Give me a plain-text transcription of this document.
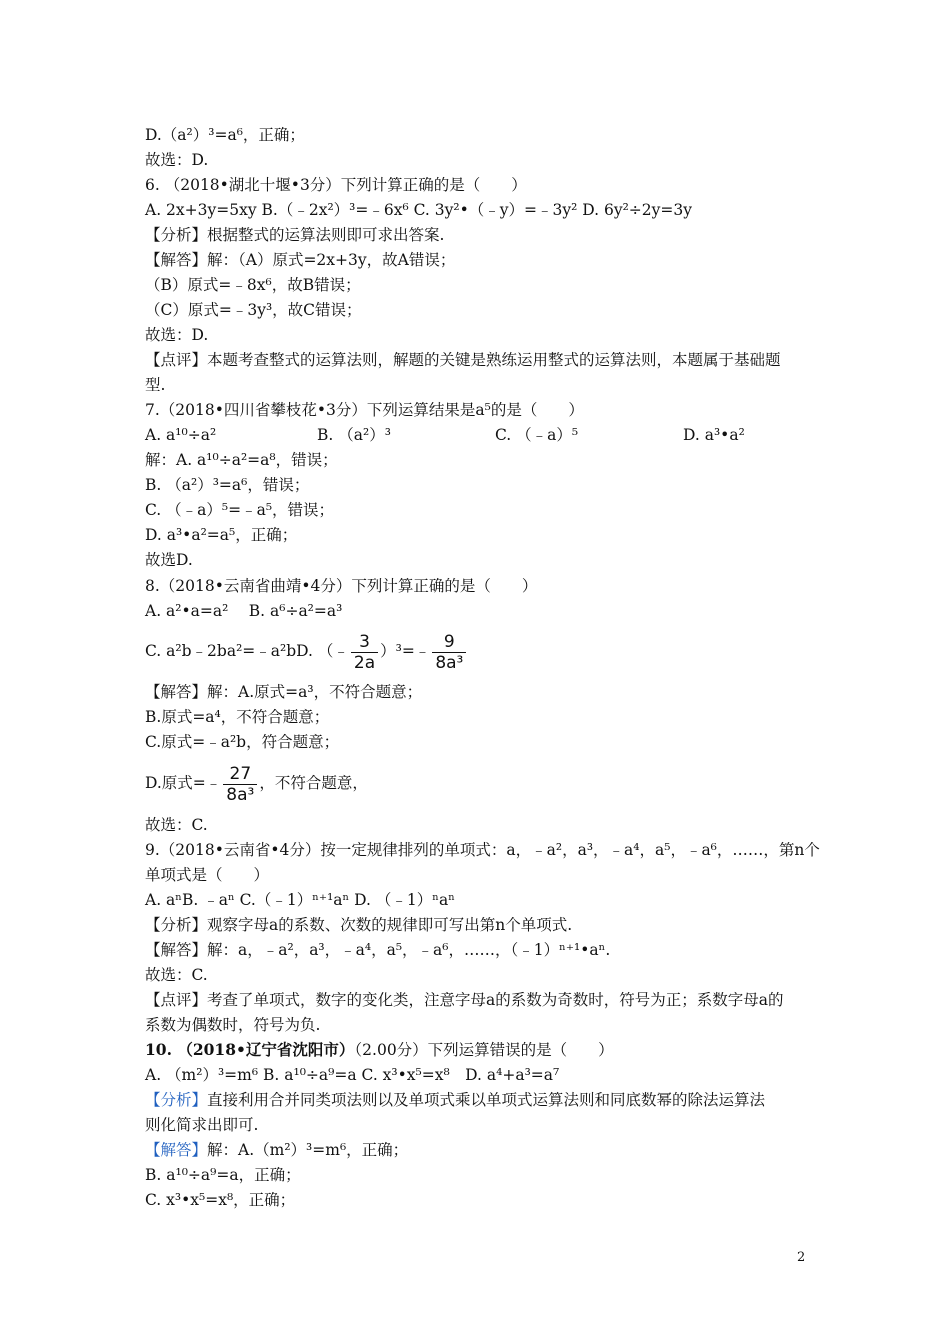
D.（a²）³=a⁶，正确；
故选：D.
6. （2018•湖北十堰•3分）下列计算正确的是（　　）
A. 2x+3y=5xy B.（﹣2x²）³=﹣6x⁶ C. 3y²•（﹣y）=﹣3y² D. 6y²÷2y=3y
【分析】根据整式的运算法则即可求出答案.
【解答】解：（A）原式=2x+3y，故A错误；
（B）原式=﹣8x⁶，故B错误；
（C）原式=﹣3y³，故C错误；
故选：D.
【点评】本题考查整式的运算法则，解题的关键是熟练运用整式的运算法则，本题属于基础题
型.
7.（2018•四川省攀枝花•3分）下列运算结果是a⁵的是（　　）
A. a¹⁰÷a²	B. （a²）³	C. （﹣a）⁵	D. a³•a²
解：A. a¹⁰÷a²=a⁸，错误；
B. （a²）³=a⁶，错误；
C. （﹣a）⁵=﹣a⁵，错误；
D. a³•a²=a⁵，正确；
故选D.
8.（2018•云南省曲靖•4分）下列计算正确的是（　　）
A. a²•a=a²　 B. a⁶÷a²=a³
C. a²b﹣2ba²=﹣a²bD. （﹣ $\frac{3}{2a}$ ）³=﹣ $\frac{9}{\text{8a³}}$
【解答】解：A.原式=a³，不符合题意；
B.原式=a⁴，不符合题意；
C.原式=﹣a²b，符合题意；
D.原式=﹣ $\frac{27}{\text{8a³}}$ ，不符合题意，
故选：C.
9.（2018•云南省•4分）按一定规律排列的单项式：a，﹣a²，a³，﹣a⁴，a⁵，﹣a⁶，……，第n个
单项式是（　　）
A. aⁿB. ﹣aⁿ C.（﹣1）ⁿ⁺¹aⁿ D. （﹣1）ⁿaⁿ
【分析】观察字母a的系数、次数的规律即可写出第n个单项式.
【解答】解：a，﹣a²，a³，﹣a⁴，a⁵，﹣a⁶，……，（﹣1）ⁿ⁺¹•aⁿ.
故选：C.
【点评】考查了单项式，数字的变化类，注意字母a的系数为奇数时，符号为正；系数字母a的
系数为偶数时，符号为负.
10. （2018•辽宁省沈阳市）（2.00分）下列运算错误的是（　　）
A. （m²）³=m⁶ B. a¹⁰÷a⁹=a C. x³•x⁵=x⁸　D. a⁴+a³=a⁷
【分析】直接利用合并同类项法则以及单项式乘以单项式运算法则和同底数幂的除法运算法
则化简求出即可.
【解答】解：A.（m²）³=m⁶，正确；
B. a¹⁰÷a⁹=a，正确；
C. x³•x⁵=x⁸，正确；
2
